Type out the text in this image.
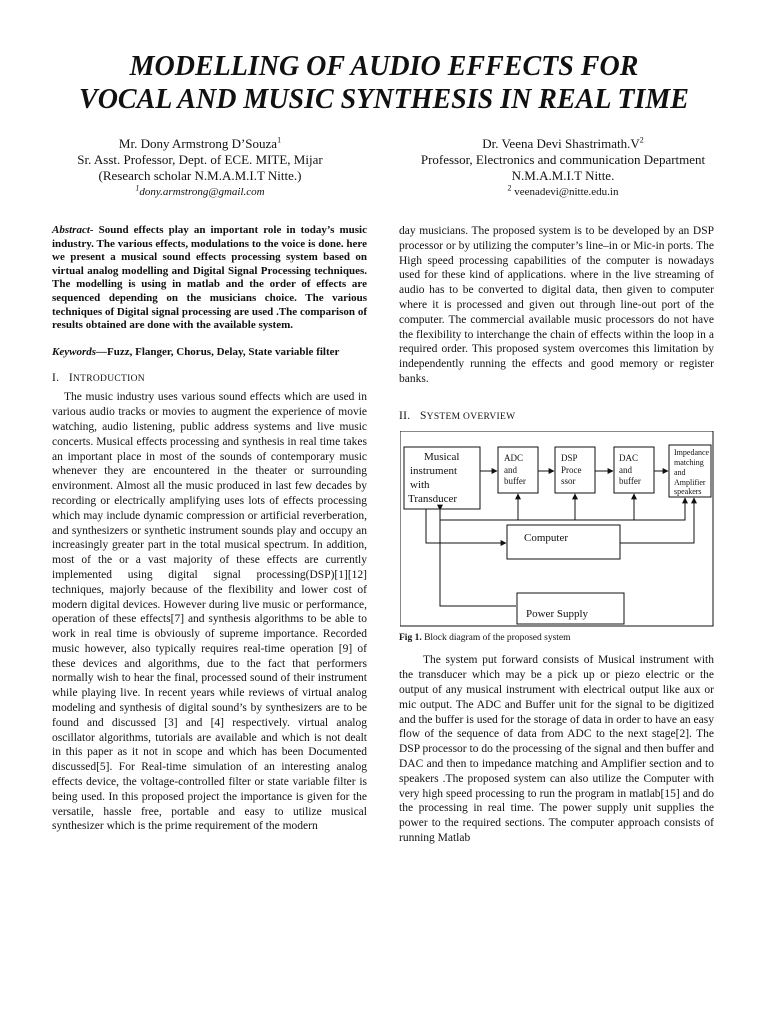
MODELLING OF AUDIO EFFECTS FOR
VOCAL AND MUSIC SYNTHESIS IN REAL TIME
Mr. Dony Armstrong D’Souza$^1$
Sr. Asst. Professor, Dept. of ECE. MITE, Mijar
(Research scholar N.M.A.M.I.T Nitte.)
$^1$dony.armstrong@gmail.com
Dr. Veena Devi $Shastrimath.V^2$
Professor, Electronics and communication Department
N.M.A.M.I.T Nitte.
$^2$ veenadevi@nitte.edu.in

Abstract- Sound effects play an important role in today’s music industry. The various effects, modulations to the voice is done. here we present a musical sound effects processing system based on virtual analog modelling and Digital Signal Processing techniques. The modelling is using in matlab and the order of effects are sequenced depending on the musicians choice. The various techniques of Digital signal processing are used .The comparison of results obtained are done with the available system.

Keywords—Fuzz, Flanger, Chorus, Delay, State variable filter

I. INTRODUCTION

The music industry uses various sound effects which are used in various audio tracks or movies to augment the experience of movie watching, audio listening, public address systems and live music concerts. Musical effects processing and synthesis in real time takes an important place in most of the sounds of contemporary music whenever they are encountered in the theater or surrounding environment. Almost all the music produced in last few decades by recording or electrically amplifying uses lots of effects processing which may include dynamic compression or artificial reverberation, and synthesizers or synthetic instrument sounds play and occupy an increasingly greater part in the total musical spectrum. In addition, most of the or a vast majority of these effects are currently implemented using digital signal processing(DSP)[1][12] techniques, majorly because of the flexibility and lower cost of modern digital devices. However during live music or performance, operation of these effects[7] and synthesis algorithms to be able to work in real time is obviously of supreme importance. Recorded music however, also typically requires real-time operation [9] of these devices and algorithms, due to the fact that performers normally wish to hear the final, processed sound of their instrument while playing live. In recent years while reviews of virtual analog modeling and synthesis of digital sound’s by synthesizers are to be found and discussed [3] and [4] respectively. virtual analog oscillator algorithms, tutorials are available and which is not dealt in this paper as it not in scope and which has been Documented discussed[5]. For Real-time simulation of an interesting analog effects device, the voltage-controlled filter or state variable filter is being used. In this proposed project the importance is given for the versatile, hassle free, portable and easy to utilize musical synthesizer which is the prime requirement of the modern

day musicians. The proposed system is to be developed by an DSP processor or by utilizing the computer’s line–in or Mic-in ports. The High speed processing capabilities of the computer is nowadays used for these kind of applications. where in the live streaming of audio has to be converted to digital data, then given to computer where it is processed and given out through line-out port of the computer. The commercial available music processors do not have the flexibility to interchange the chain of effects within the loop in a required order. This proposed system overcomes this limitation by independently running the effects and good memory or register banks.

II. SYSTEM OVERVIEW

Musical instrument with Transducer
ADC and buffer
DSP Proce ssor
DAC and buffer
Impedance matching and Amplifier speakers
Computer
Power Supply

Fig 1. Block diagram of the proposed system

The system put forward consists of Musical instrument with the transducer which may be a pick up or piezo electric or the output of any musical instrument with electrical output like aux or mic output. The ADC and Buffer unit for the signal to be digitized and the buffer is used for the storage of data in order to have an easy flow of the sequence of data from ADC to the next stage[2]. The DSP processor to do the processing of the signal and then buffer and DAC and then to impedance matching and Amplifier section and to speakers .The proposed system can also utilize the Computer with very high speed processing to run the program in matlab[15] and do the processing in real time. The power supply unit supplies the power to the required sections. The computer approach consists of running Matlab
